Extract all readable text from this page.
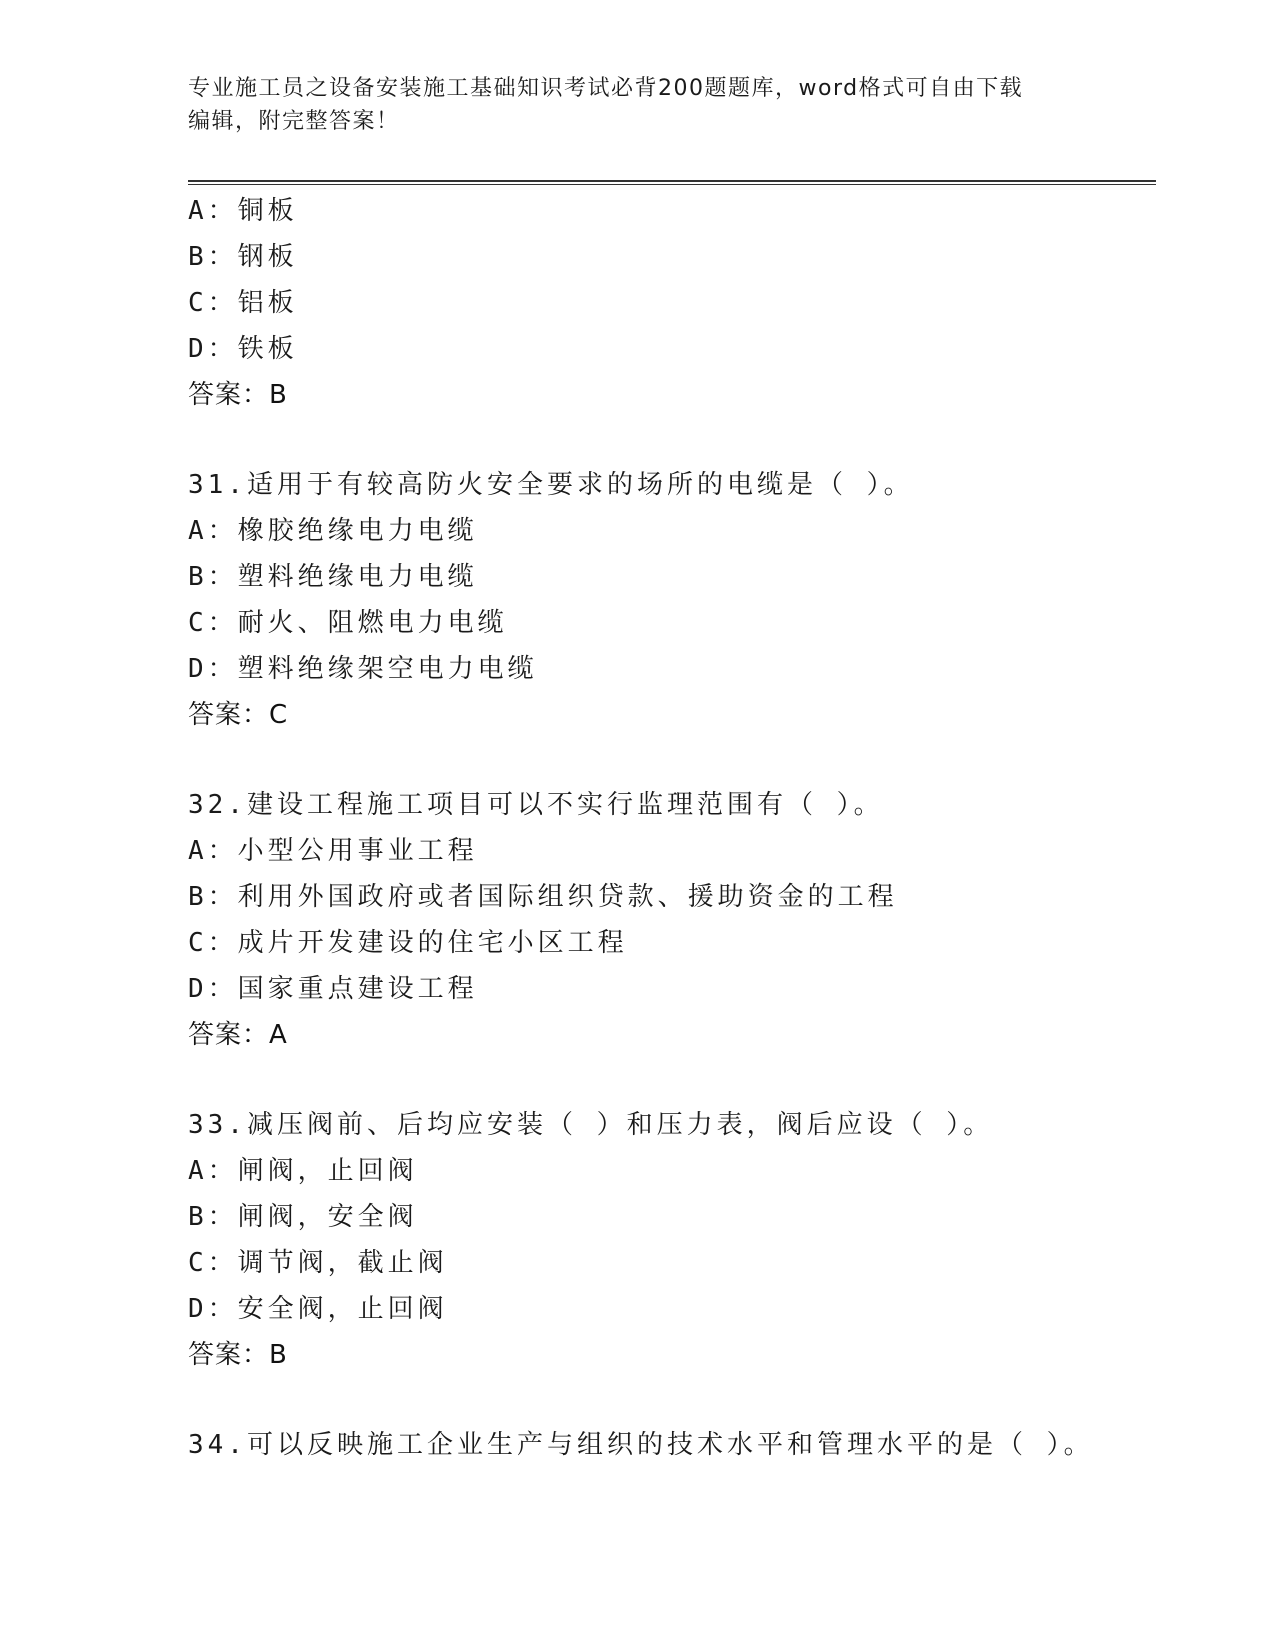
专业施工员之设备安装施工基础知识考试必背200题题库，word格式可自由下载
编辑，附完整答案！
A：铜板
B：钢板
C：铝板
D：铁板
答案：B
31.适用于有较高防火安全要求的场所的电缆是（ ）。
A：橡胶绝缘电力电缆
B：塑料绝缘电力电缆
C：耐火、阻燃电力电缆
D：塑料绝缘架空电力电缆
答案：C
32.建设工程施工项目可以不实行监理范围有（ ）。
A：小型公用事业工程
B：利用外国政府或者国际组织贷款、援助资金的工程
C：成片开发建设的住宅小区工程
D：国家重点建设工程
答案：A
33.减压阀前、后均应安装（ ）和压力表，阀后应设（ ）。
A：闸阀，止回阀
B：闸阀，安全阀
C：调节阀，截止阀
D：安全阀，止回阀
答案：B
34.可以反映施工企业生产与组织的技术水平和管理水平的是（ ）。
